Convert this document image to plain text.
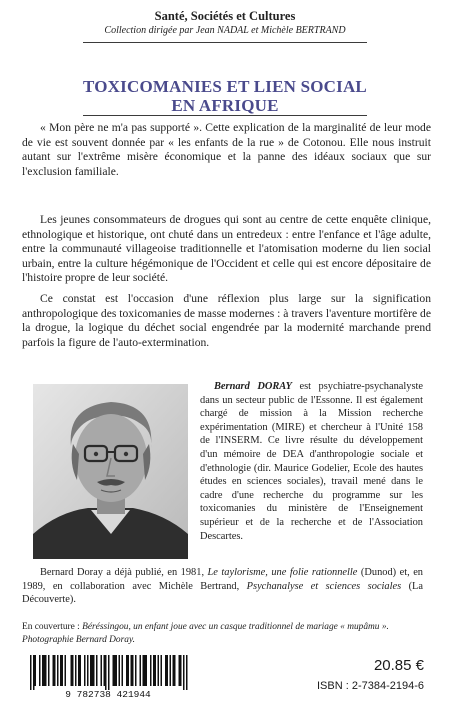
Santé, Sociétés et Cultures
Collection dirigée par Jean NADAL et Michèle BERTRAND
TOXICOMANIES ET LIEN SOCIAL
EN AFRIQUE

« Mon père ne m'a pas supporté ». Cette explication de la marginalité de leur mode de vie est souvent donnée par « les enfants de la rue » de Cotonou. Elle nous instruit autant sur l'extrême misère économique et la panne des idéaux sociaux que sur l'exclusion familiale.

Les jeunes consommateurs de drogues qui sont au centre de cette enquête clinique, ethnologique et historique, ont chuté dans un entredeux : entre l'enfance et l'âge adulte, entre la communauté villageoise traditionnelle et l'atomisation moderne du lien social urbain, entre la culture hégémonique de l'Occident et celle qui est encore dépositaire de l'histoire propre de leur société.

Ce constat est l'occasion d'une réflexion plus large sur la signification anthropologique des toxicomanies de masse modernes : à travers l'aventure mortifère de la drogue, la logique du déchet social engendrée par la modernité marchande prend parfois la figure de l'auto-extermination.

Bernard DORAY est psychiatre-psychanalyste dans un secteur public de l'Essonne. Il est également chargé de mission à la Mission recherche expérimentation (MIRE) et chercheur à l'Unité 158 de l'INSERM. Ce livre résulte du développement d'un mémoire de DEA d'anthropologie sociale et d'ethnologie (dir. Maurice Godelier, Ecole des hautes études en sciences sociales), travail mené dans le cadre d'une recherche du programme sur les toxicomanies du ministère de l'Enseignement supérieur et de la recherche et de l'Association Descartes.

Bernard Doray a déjà publié, en 1981, Le taylorisme, une folie rationnelle (Dunod) et, en 1989, en collaboration avec Michèle Bertrand, Psychanalyse et sciences sociales (La Découverte).

En couverture : Béréssingou, un enfant joue avec un casque traditionnel de mariage « mupâmu ». Photographie Bernard Doray.

9 782738 421944
20.85 €
ISBN : 2-7384-2194-6
